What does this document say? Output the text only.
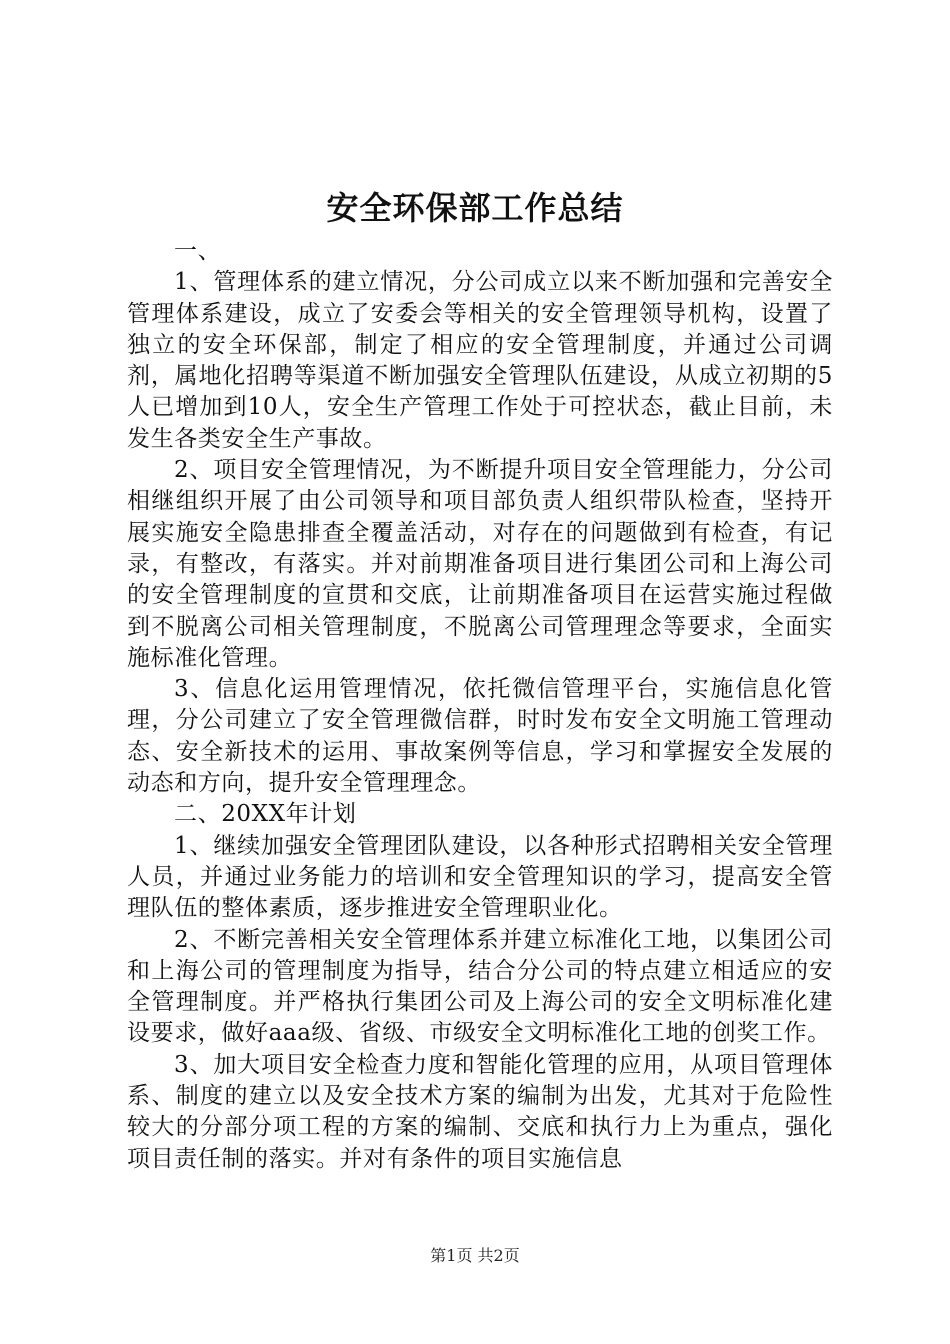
安全环保部工作总结

一、

1、管理体系的建立情况，分公司成立以来不断加强和完善安全管理体系建设，成立了安委会等相关的安全管理领导机构，设置了独立的安全环保部，制定了相应的安全管理制度，并通过公司调剂，属地化招聘等渠道不断加强安全管理队伍建设，从成立初期的5人已增加到10人，安全生产管理工作处于可控状态，截止目前，未发生各类安全生产事故。

2、项目安全管理情况，为不断提升项目安全管理能力，分公司相继组织开展了由公司领导和项目部负责人组织带队检查，坚持开展实施安全隐患排查全覆盖活动，对存在的问题做到有检查，有记录，有整改，有落实。并对前期准备项目进行集团公司和上海公司的安全管理制度的宣贯和交底，让前期准备项目在运营实施过程做到不脱离公司相关管理制度，不脱离公司管理理念等要求，全面实施标准化管理。

3、信息化运用管理情况，依托微信管理平台，实施信息化管理，分公司建立了安全管理微信群，时时发布安全文明施工管理动态、安全新技术的运用、事故案例等信息，学习和掌握安全发展的动态和方向，提升安全管理理念。

二、20XX年计划

1、继续加强安全管理团队建设，以各种形式招聘相关安全管理人员，并通过业务能力的培训和安全管理知识的学习，提高安全管理队伍的整体素质，逐步推进安全管理职业化。

2、不断完善相关安全管理体系并建立标准化工地，以集团公司和上海公司的管理制度为指导，结合分公司的特点建立相适应的安全管理制度。并严格执行集团公司及上海公司的安全文明标准化建设要求，做好aaa级、省级、市级安全文明标准化工地的创奖工作。

3、加大项目安全检查力度和智能化管理的应用，从项目管理体系、制度的建立以及安全技术方案的编制为出发，尤其对于危险性较大的分部分项工程的方案的编制、交底和执行力上为重点，强化项目责任制的落实。并对有条件的项目实施信息

第1页 共2页
